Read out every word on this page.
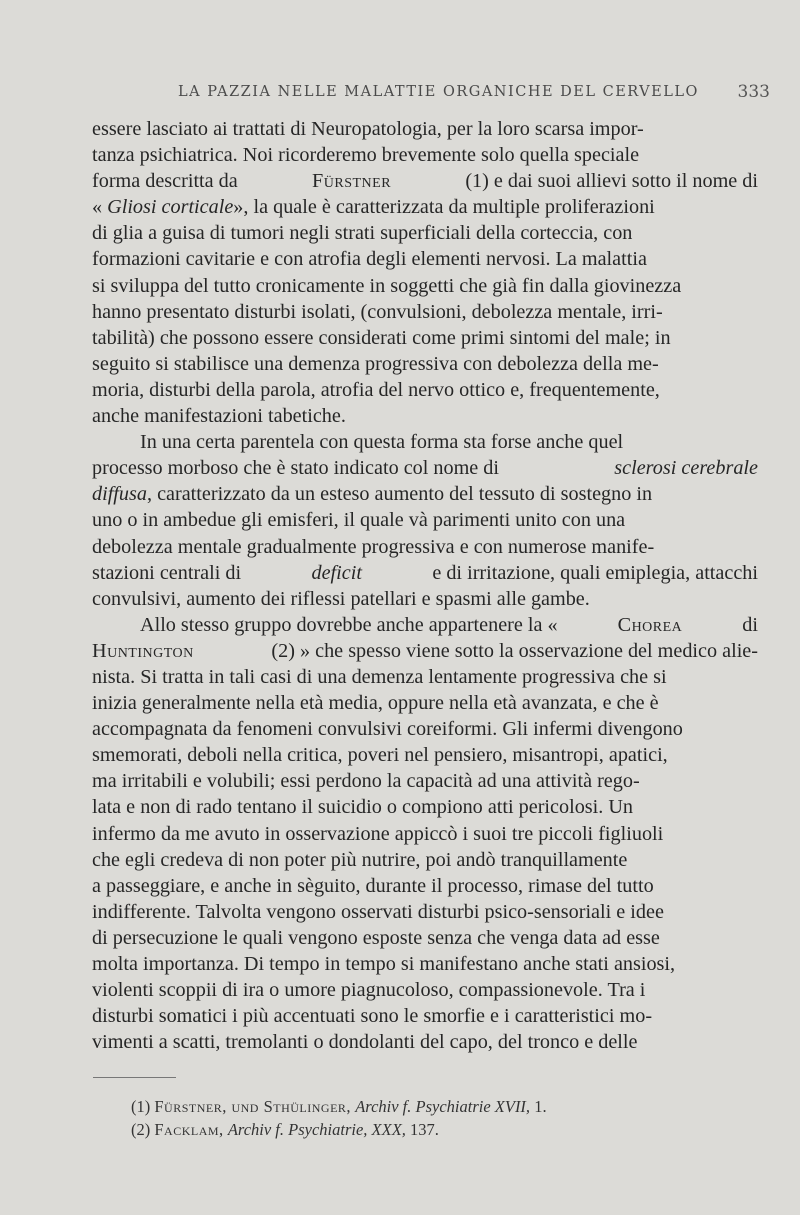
LA PAZZIA NELLE MALATTIE ORGANICHE DEL CERVELLO 333
essere lasciato ai trattati di Neuropatologia, per la loro scarsa impor-
tanza psichiatrica. Noi ricorderemo brevemente solo quella speciale
forma descritta da	Fürstner	(1) e dai suoi allievi sotto il nome di
« Gliosi corticale», la quale è caratterizzata da multiple proliferazioni
di glia a guisa di tumori negli strati superficiali della corteccia, con
formazioni cavitarie e con atrofia degli elementi nervosi. La malattia
si sviluppa del tutto cronicamente in soggetti che già fin dalla giovinezza
hanno presentato disturbi isolati, (convulsioni, debolezza mentale, irri-
tabilità) che possono essere considerati come primi sintomi del male; in
seguito si stabilisce una demenza progressiva con debolezza della me-
moria, disturbi della parola, atrofia del nervo ottico e, frequentemente,
anche manifestazioni tabetiche.
In una certa parentela con questa forma sta forse anche quel
processo morboso che è stato indicato col nome di	sclerosi cerebrale
diffusa, caratterizzato da un esteso aumento del tessuto di sostegno in
uno o in ambedue gli emisferi, il quale và parimenti unito con una
debolezza mentale gradualmente progressiva e con numerose manife-
stazioni centrali di	deficit	e di irritazione, quali emiplegia, attacchi
convulsivi, aumento dei riflessi patellari e spasmi alle gambe.
Allo stesso gruppo dovrebbe anche appartenere la «	Chorea	di
Huntington	(2) » che spesso viene sotto la osservazione del medico alie-
nista. Si tratta in tali casi di una demenza lentamente progressiva che si
inizia generalmente nella età media, oppure nella età avanzata, e che è
accompagnata da fenomeni convulsivi coreiformi. Gli infermi divengono
smemorati, deboli nella critica, poveri nel pensiero, misantropi, apatici,
ma irritabili e volubili; essi perdono la capacità ad una attività rego-
lata e non di rado tentano il suicidio o compiono atti pericolosi. Un
infermo da me avuto in osservazione appiccò i suoi tre piccoli figliuoli
che egli credeva di non poter più nutrire, poi andò tranquillamente
a passeggiare, e anche in sèguito, durante il processo, rimase del tutto
indifferente. Talvolta vengono osservati disturbi psico-sensoriali e idee
di persecuzione le quali vengono esposte senza che venga data ad esse
molta importanza. Di tempo in tempo si manifestano anche stati ansiosi,
violenti scoppii di ira o umore piagnucoloso, compassionevole. Tra i
disturbi somatici i più accentuati sono le smorfie e i caratteristici mo-
vimenti a scatti, tremolanti o dondolanti del capo, del tronco e delle
(1) Fürstner, und Sthülinger, Archiv f. Psychiatrie XVII, 1.
(2) Facklam, Archiv f. Psychiatrie, XXX, 137.
